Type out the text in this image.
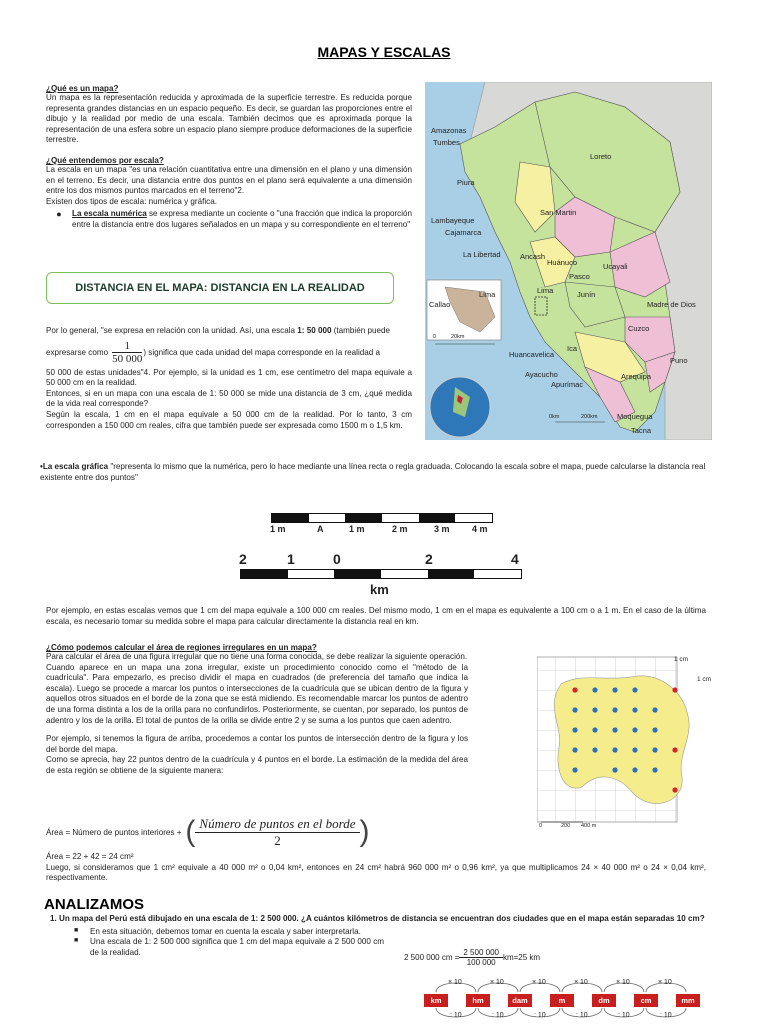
MAPAS Y ESCALAS
¿Qué es un mapa?

Un mapa es la representación reducida y aproximada de la superficie terrestre. Es reducida porque representa grandes distancias en un espacio pequeño. Es decir, se guardan las proporciones entre el dibujo y la realidad por medio de una escala. También decimos que es aproximada porque la representación de una esfera sobre un espacio plano siempre produce deformaciones de la superficie terrestre.

¿Qué entendemos por escala?

La escala en un mapa "es una relación cuantitativa entre una dimensión en el plano y una dimensión en el terreno. Es decir, una distancia entre dos puntos en el plano será equivalente a una dimensión entre los dos mismos puntos marcados en el terreno"2.

Existen dos tipos de escala: numérica y gráfica.

●	La escala numérica se expresa mediante un cociente o "una fracción que indica la proporción entre la distancia entre dos lugares señalados en un mapa y su correspondiente en el terreno"

DISTANCIA EN EL MAPA: DISTANCIA EN LA REALIDAD

Por lo general, "se expresa en relación con la unidad. Así, una escala 1: 50 000 (también puede

expresarse como $\frac{1}{50 000}$ ) significa que cada unidad del mapa corresponde en la realidad a

50 000 de estas unidades"4. Por ejemplo, si la unidad es 1 cm, ese centímetro del mapa equivale a 50 000 cm en la realidad.

Entonces, si en un mapa con una escala de 1: 50 000 se mide una distancia de 3 cm, ¿qué medida de la vida real corresponde?

Según la escala, 1 cm en el mapa equivale a 50 000 cm de la realidad. Por lo tanto, 3 cm corresponden a 150 000 cm reales, cifra que también puede ser expresada como 1500 m o 1,5 km.

Amazonas
Tumbes
Loreto
Piura
San Martin
Lambayeque
Cajamarca
La Libertad	Ancash
Huánuco
Pasco
Ucayali
Lima	Junín
Madre de Dios
Callao
Lima
Cuzco
Huancavelica
Ica
Ayacucho
Apurímac
Arequipa
Puno
Moquegua
Tacna
0	20km
0km	200km

•La escala gráfica "representa lo mismo que la numérica, pero lo hace mediante una línea recta o regla graduada. Colocando la escala sobre el mapa, puede calcularse la distancia real existente entre dos puntos"

1 m	A	1 m	2 m	3 m 4 m
2	1	0	2	4
km

Por ejemplo, en estas escalas vemos que 1 cm del mapa equivale a 100 000 cm reales. Del mismo modo, 1 cm en el mapa es equivalente a 100 cm o a 1 m. En el caso de la última escala, es necesario tomar su medida sobre el mapa para calcular directamente la distancia real en km.

¿Cómo podemos calcular el área de regiones irregulares en un mapa?

Para calcular el área de una figura irregular que no tiene una forma conocida, se debe realizar la siguiente operación.

Cuando aparece en un mapa una zona irregular, existe un procedimiento conocido como el "método de la cuadrícula". Para empezarlo, es preciso dividir el mapa en cuadrados (de preferencia del tamaño que indica la escala). Luego se procede a marcar los puntos o intersecciones de la cuadrícula que se ubican dentro de la figura y aquellos otros situados en el borde de la zona que se está midiendo. Es recomendable marcar los puntos de adentro de una forma distinta a los de la orilla para no confundirlos. Posteriormente, se cuentan, por separado, los puntos de adentro y los de la orilla. El total de puntos de la orilla se divide entre 2 y se suma a los puntos que caen adentro.

Por ejemplo, si tenemos la figura de arriba, procedemos a contar los puntos de intersección dentro de la figura y los del borde del mapa.

Como se aprecia, hay 22 puntos dentro de la cuadrícula y 4 puntos en el borde. La estimación de la medida del área de esta región se obtiene de la siguiente manera:

Área = Número de puntos interiores + ( $\frac{\text{Número de puntos en el borde}}{2}$ )

Área = 22 + 42 = 24 cm²

Luego, si consideramos que 1 cm² equivale a 40 000 m² o 0,04 km², entonces en 24 cm² habrá 960 000 m² o 0,96 km², ya que multiplicamos 24 × 40 000 m² o 24 × 0,04 km², respectivamente.

1 cm
1 cm
0	200 400 m
ANALIZAMOS

1. Un mapa del Perú está dibujado en una escala de 1: 2 500 000. ¿A cuántos kilómetros de distancia se encuentran dos ciudades que en el mapa están separadas 10 cm?

■	En esta situación, debemos tomar en cuenta la escala y saber interpretarla.

■	Una escala de 1: 2 500 000 significa que 1 cm del mapa equivale a 2 500 000 cm de la realidad.

2 500 000 cm = $\frac{2 500 000}{100 000} km=25$ km
× 10	× 10	× 10	× 10	× 10	× 10
km	hm	dam	m	dm	cm	mm
: 10	: 10	: 10	: 10	: 10	: 10
